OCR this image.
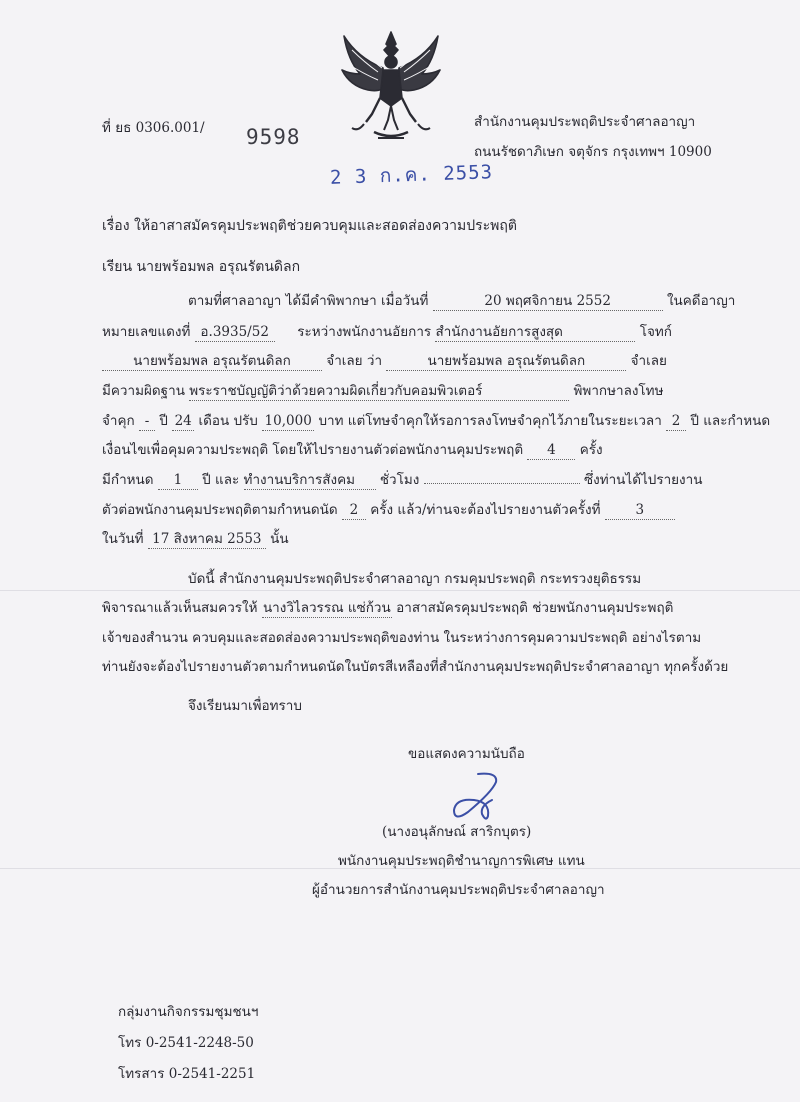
ที่ ยธ 0306.001/ 9598
2 3 ก.ค. 2553
สำนักงานคุมประพฤติประจำศาลอาญา
ถนนรัชดาภิเษก จตุจักร กรุงเทพฯ 10900
เรื่อง ให้อาสาสมัครคุมประพฤติช่วยควบคุมและสอดส่องความประพฤติ
เรียน นายพร้อมพล อรุณรัตนดิลก
ตามที่ศาลอาญา ได้มีคำพิพากษา เมื่อวันที่	20 พฤศจิกายน 2552	ในคดีอาญา
หมายเลขแดงที่ อ.3935/52 ระหว่างพนักงานอัยการ สำนักงานอัยการสูงสุด	โจทก์
นายพร้อมพล อรุณรัตนดิลก	จำเลย ว่า	นายพร้อมพล อรุณรัตนดิลก	จำเลย
มีความผิดฐาน พระราชบัญญัติว่าด้วยความผิดเกี่ยวกับคอมพิวเตอร์	พิพากษาลงโทษ
จำคุก - ปี 24 เดือน ปรับ 10,000 บาท แต่โทษจำคุกให้รอการลงโทษจำคุกไว้ภายในระยะเวลา 2 ปี และกำหนด
เงื่อนไขเพื่อคุมความประพฤติ โดยให้ไปรายงานตัวต่อพนักงานคุมประพฤติ 4 ครั้ง
มีกำหนด 1 ปี และ ทำงานบริการสังคม ชั่วโมง	ซึ่งท่านได้ไปรายงาน
ตัวต่อพนักงานคุมประพฤติตามกำหนดนัด 2 ครั้ง แล้ว/ท่านจะต้องไปรายงานตัวครั้งที่	3
ในวันที่ 17 สิงหาคม 2553 นั้น
บัดนี้ สำนักงานคุมประพฤติประจำศาลอาญา กรมคุมประพฤติ กระทรวงยุติธรรม
พิจารณาแล้วเห็นสมควรให้ นางวิไลวรรณ แซ่ก้วน อาสาสมัครคุมประพฤติ ช่วยพนักงานคุมประพฤติ
เจ้าของสำนวน ควบคุมและสอดส่องความประพฤติของท่าน ในระหว่างการคุมความประพฤติ อย่างไรตาม
ท่านยังจะต้องไปรายงานตัวตามกำหนดนัดในบัตรสีเหลืองที่สำนักงานคุมประพฤติประจำศาลอาญา ทุกครั้งด้วย
จึงเรียนมาเพื่อทราบ
ขอแสดงความนับถือ
(นางอนุลักษณ์ สาริกบุตร)
พนักงานคุมประพฤติชำนาญการพิเศษ แทน
ผู้อำนวยการสำนักงานคุมประพฤติประจำศาลอาญา
กลุ่มงานกิจกรรมชุมชนฯ
โทร 0-2541-2248-50
โทรสาร 0-2541-2251
